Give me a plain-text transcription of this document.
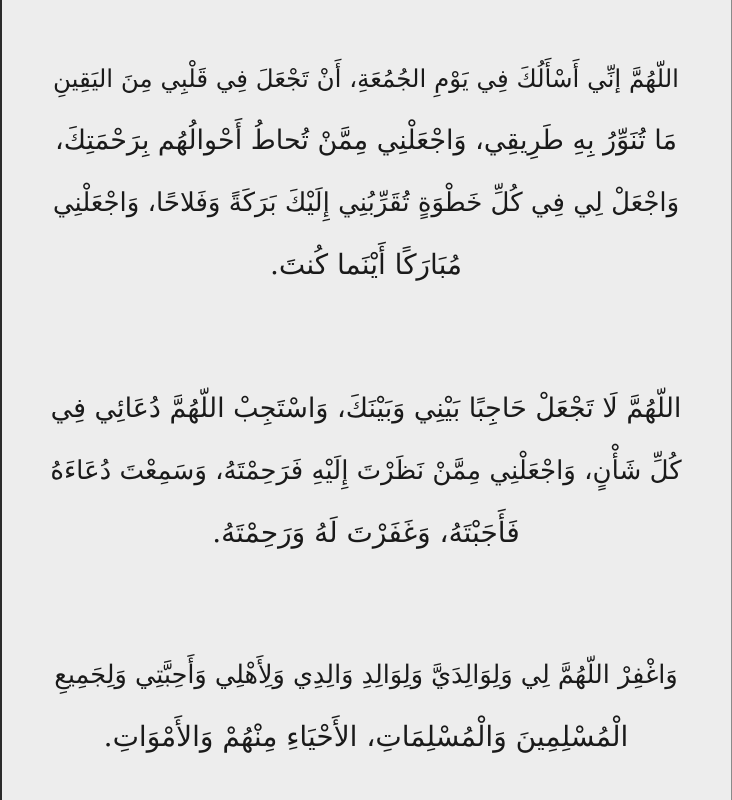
اللّهُمَّ إنِّي أَسْأَلُكَ فِي يَوْمِ الجُمُعَةِ، أَنْ تَجْعَلَ فِي قَلْبِي مِنَ اليَقِينِ
مَا تُنَوِّرُ بِهِ طَرِيقِي، وَاجْعَلْنِي مِمَّنْ تُحاطُ أَحْوالُهُم بِرَحْمَتِكَ،
وَاجْعَلْ لِي فِي كُلِّ خَطْوَةٍ تُقَرِّبُنِي إِلَيْكَ بَرَكَةً وَفَلاحًا، وَاجْعَلْنِي
مُبَارَكًا أَيْنَما كُنتَ.
اللّهُمَّ لَا تَجْعَلْ حَاجِبًا بَيْنِي وَبَيْنَكَ، وَاسْتَجِبْ اللّهُمَّ دُعَائِي فِي
كُلِّ شَأْنٍ، وَاجْعَلْنِي مِمَّنْ نَظَرْتَ إِلَيْهِ فَرَحِمْتَهُ، وَسَمِعْتَ دُعَاءَهُ
فَأَجَبْتَهُ، وَغَفَرْتَ لَهُ وَرَحِمْتَهُ.
وَاغْفِرْ اللّهُمَّ لِي وَلِوَالِدَيَّ وَلِوَالِدِ وَالِدِي وَلِأَهْلِي وَأَحِبَّتِي وَلِجَمِيعِ
الْمُسْلِمِينَ وَالْمُسْلِمَاتِ، الأَحْيَاءِ مِنْهُمْ وَالأَمْوَاتِ.
